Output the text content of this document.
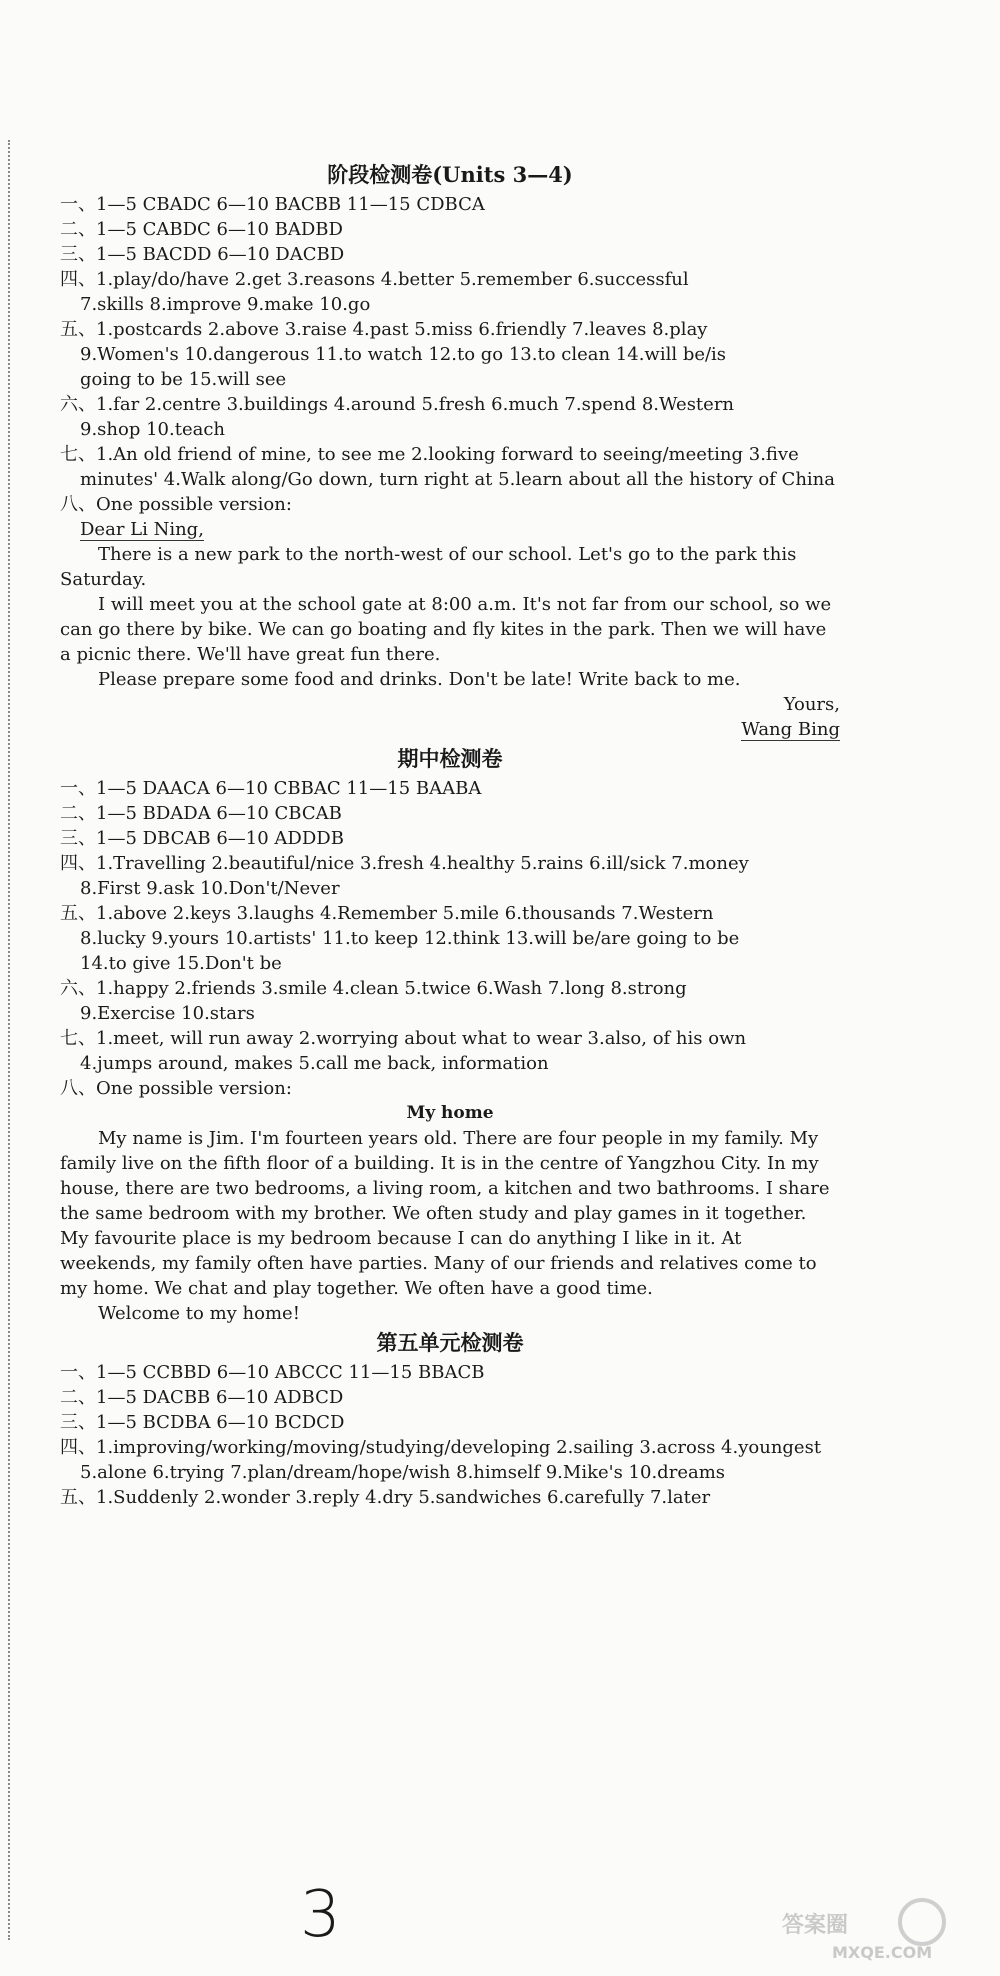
阶段检测卷(Units 3—4)
一、1—5 CBADC 6—10 BACBB 11—15 CDBCA
二、1—5 CABDC 6—10 BADBD
三、1—5 BACDD 6—10 DACBD
四、1.play/do/have 2.get 3.reasons 4.better 5.remember 6.successful
7.skills 8.improve 9.make 10.go
五、1.postcards 2.above 3.raise 4.past 5.miss 6.friendly 7.leaves 8.play
9.Women's 10.dangerous 11.to watch 12.to go 13.to clean 14.will be/is
going to be 15.will see
六、1.far 2.centre 3.buildings 4.around 5.fresh 6.much 7.spend 8.Western
9.shop 10.teach
七、1.An old friend of mine, to see me 2.looking forward to seeing/meeting 3.five
minutes' 4.Walk along/Go down, turn right at 5.learn about all the history of China
八、One possible version:
Dear Li Ning,
There is a new park to the north-west of our school. Let's go to the park this Saturday.
I will meet you at the school gate at 8:00 a.m. It's not far from our school, so we can go there by bike. We can go boating and fly kites in the park. Then we will have a picnic there. We'll have great fun there.
Please prepare some food and drinks. Don't be late! Write back to me.
Yours,
Wang Bing
期中检测卷
一、1—5 DAACA 6—10 CBBAC 11—15 BAABA
二、1—5 BDADA 6—10 CBCAB
三、1—5 DBCAB 6—10 ADDDB
四、1.Travelling 2.beautiful/nice 3.fresh 4.healthy 5.rains 6.ill/sick 7.money
8.First 9.ask 10.Don't/Never
五、1.above 2.keys 3.laughs 4.Remember 5.mile 6.thousands 7.Western
8.lucky 9.yours 10.artists' 11.to keep 12.think 13.will be/are going to be
14.to give 15.Don't be
六、1.happy 2.friends 3.smile 4.clean 5.twice 6.Wash 7.long 8.strong
9.Exercise 10.stars
七、1.meet, will run away 2.worrying about what to wear 3.also, of his own
4.jumps around, makes 5.call me back, information
八、One possible version:
My home
My name is Jim. I'm fourteen years old. There are four people in my family. My family live on the fifth floor of a building. It is in the centre of Yangzhou City. In my house, there are two bedrooms, a living room, a kitchen and two bathrooms. I share the same bedroom with my brother. We often study and play games in it together. My favourite place is my bedroom because I can do anything I like in it. At weekends, my family often have parties. Many of our friends and relatives come to my home. We chat and play together. We often have a good time.
Welcome to my home!
第五单元检测卷
一、1—5 CCBBD 6—10 ABCCC 11—15 BBACB
二、1—5 DACBB 6—10 ADBCD
三、1—5 BCDBA 6—10 BCDCD
四、1.improving/working/moving/studying/developing 2.sailing 3.across 4.youngest
5.alone 6.trying 7.plan/dream/hope/wish 8.himself 9.Mike's 10.dreams
五、1.Suddenly 2.wonder 3.reply 4.dry 5.sandwiches 6.carefully 7.later
3	答案圈
MXQE.COM
